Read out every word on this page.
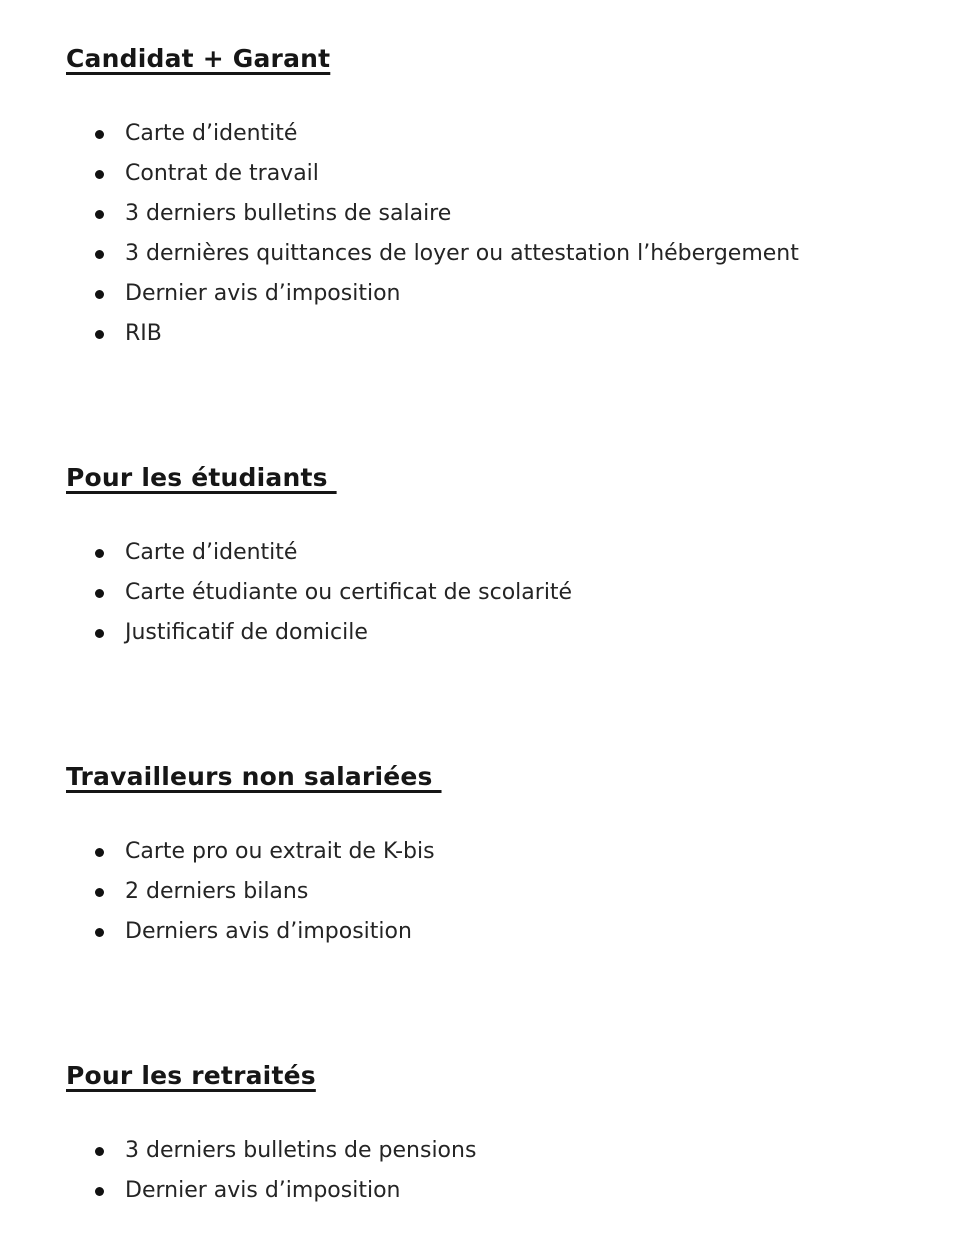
Candidat + Garant
Carte d’identité
Contrat de travail
3 derniers bulletins de salaire
3 dernières quittances de loyer ou attestation l’hébergement
Dernier avis d’imposition
RIB
Pour les étudiants
Carte d’identité
Carte étudiante ou certificat de scolarité
Justificatif de domicile
Travailleurs non salariées
Carte pro ou extrait de K-bis
2 derniers bilans
Derniers avis d’imposition
Pour les retraités
3 derniers bulletins de pensions
Dernier avis d’imposition
